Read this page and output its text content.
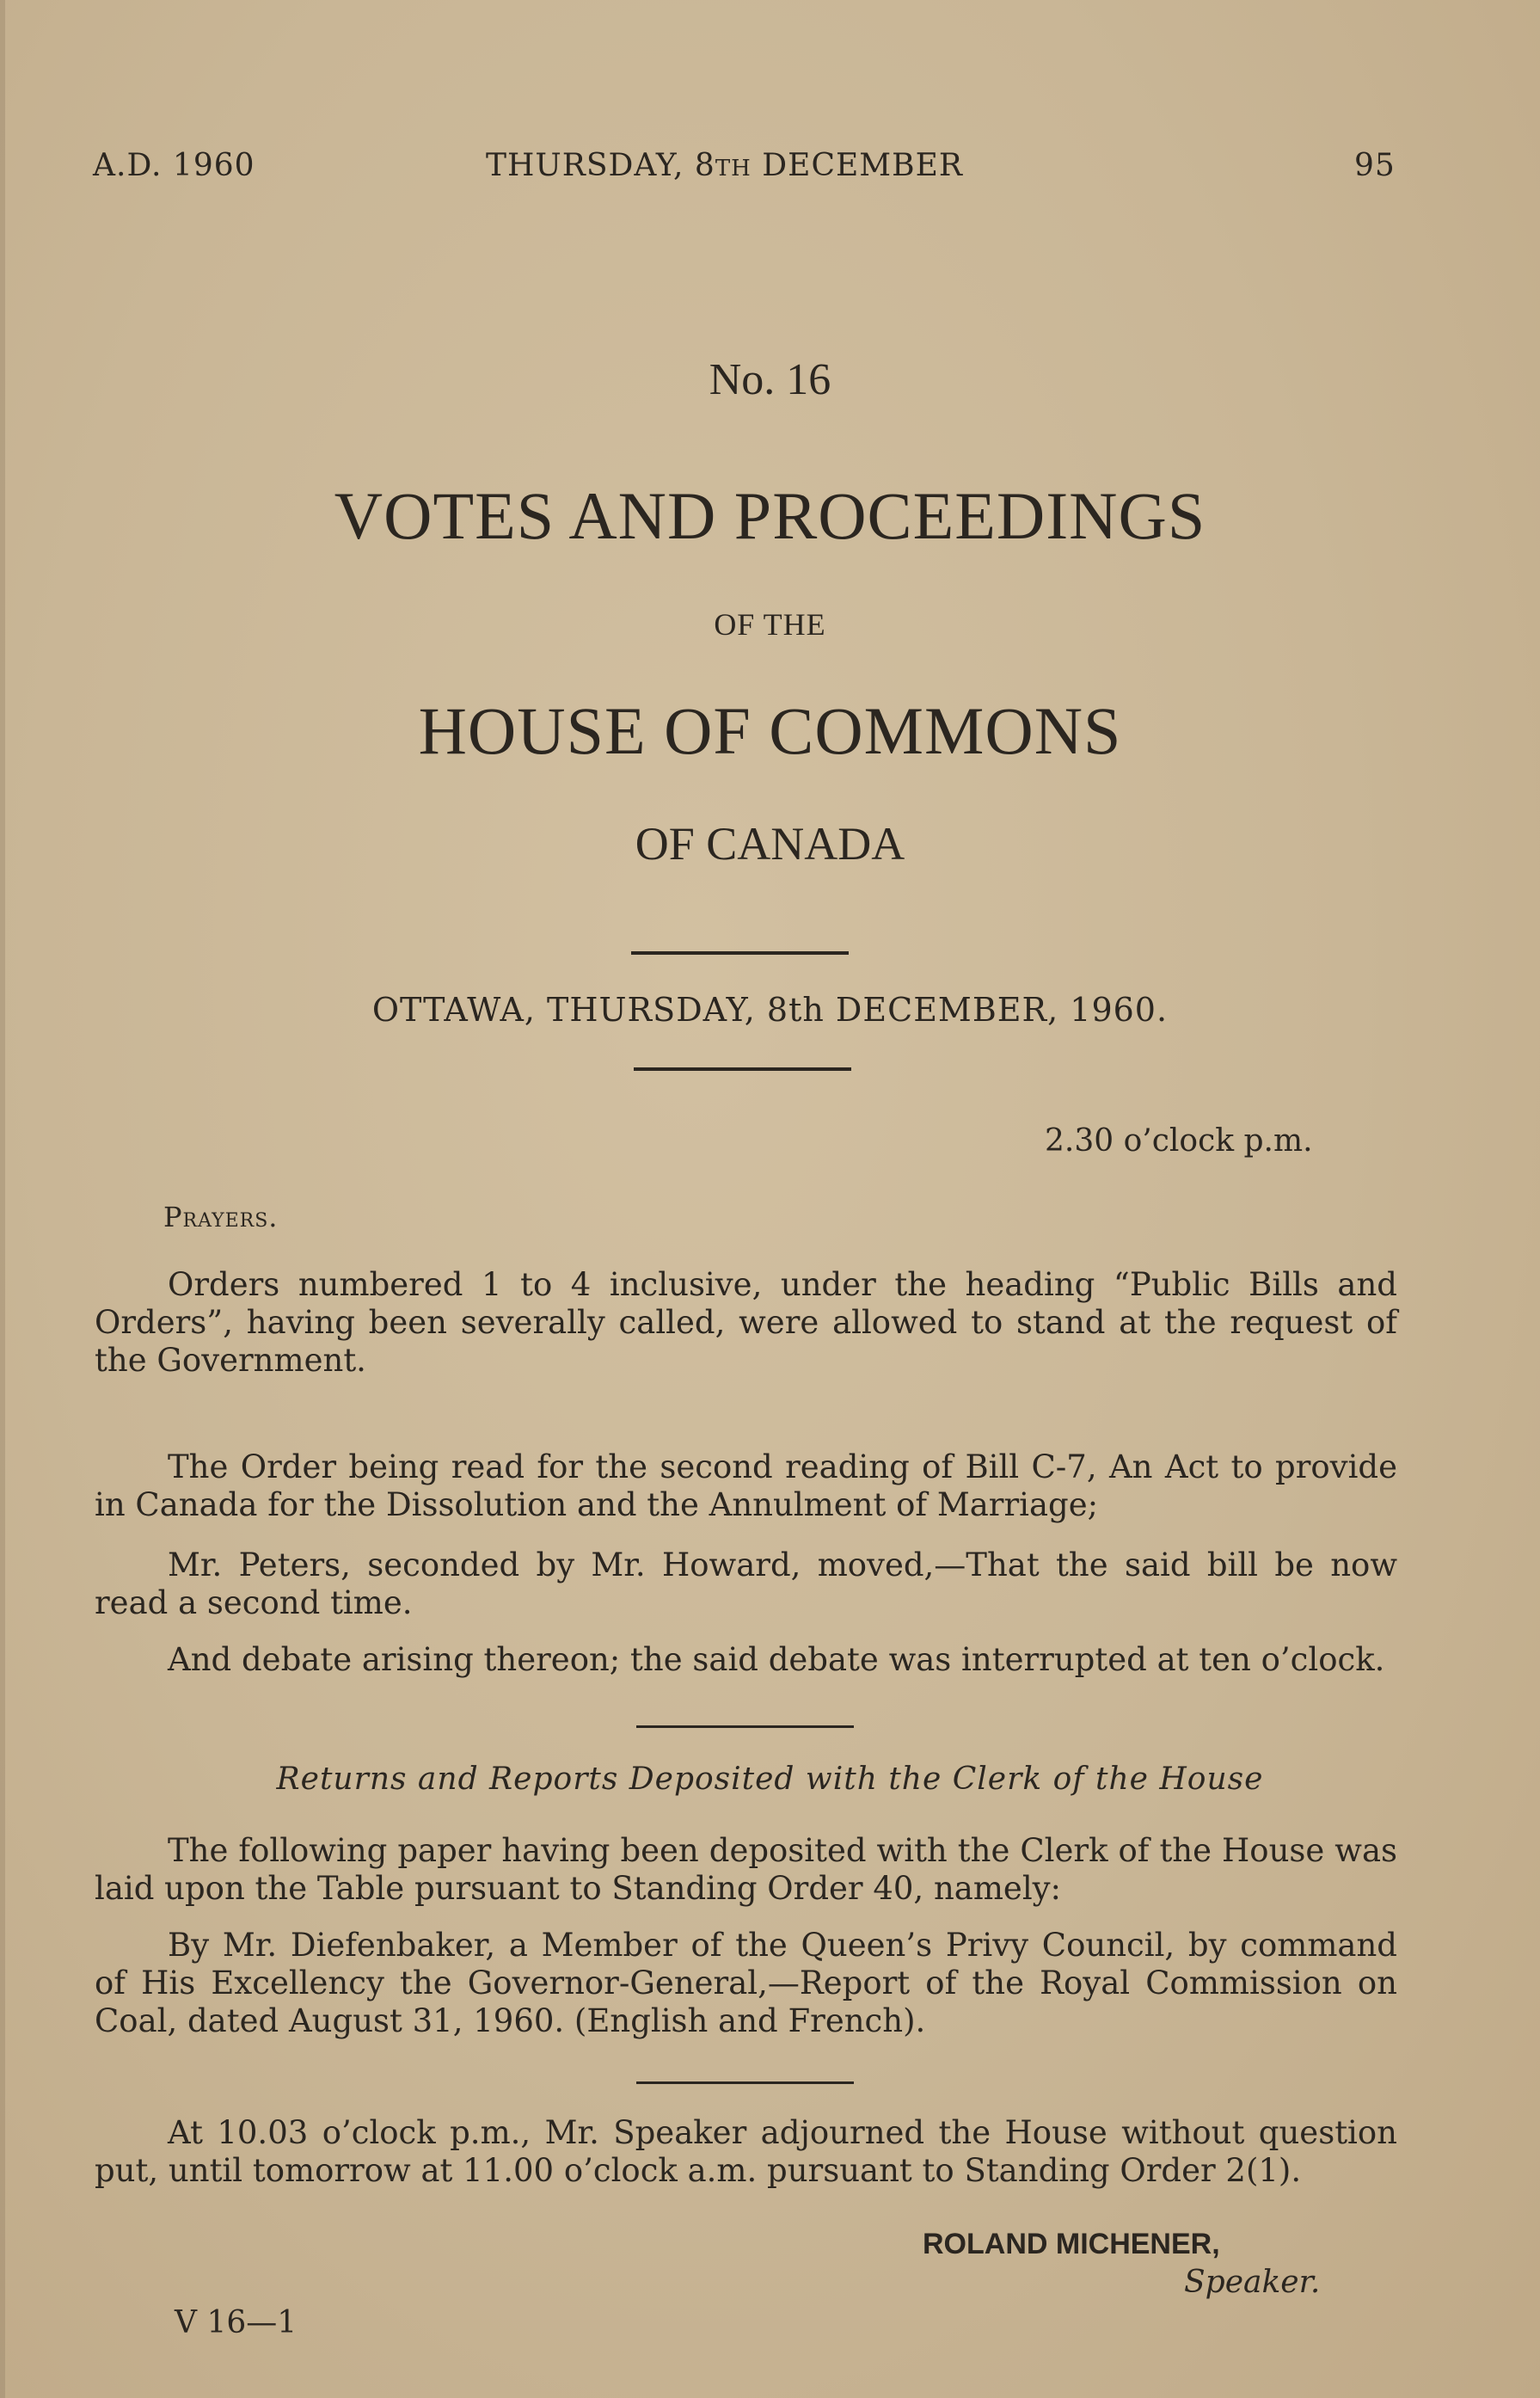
A.D. 1960	THURSDAY, 8TH DECEMBER	95
No. 16
VOTES AND PROCEEDINGS
OF THE
HOUSE OF COMMONS
OF CANADA
OTTAWA, THURSDAY, 8th DECEMBER, 1960.
2.30 o’clock p.m.
Prayers.

Orders numbered 1 to 4 inclusive, under the heading “Public Bills and Orders”, having been severally called, were allowed to stand at the request of the Government.

The Order being read for the second reading of Bill C-7, An Act to provide in Canada for the Dissolution and the Annulment of Marriage;

Mr. Peters, seconded by Mr. Howard, moved,—That the said bill be now read a second time.

And debate arising thereon; the said debate was interrupted at ten o’clock.

Returns and Reports Deposited with the Clerk of the House

The following paper having been deposited with the Clerk of the House was laid upon the Table pursuant to Standing Order 40, namely:

By Mr. Diefenbaker, a Member of the Queen’s Privy Council, by command of His Excellency the Governor-General,—Report of the Royal Commission on Coal, dated August 31, 1960. (English and French).

At 10.03 o’clock p.m., Mr. Speaker adjourned the House without question put, until tomorrow at 11.00 o’clock a.m. pursuant to Standing Order 2(1).

ROLAND MICHENER,
Speaker.
V 16—1
